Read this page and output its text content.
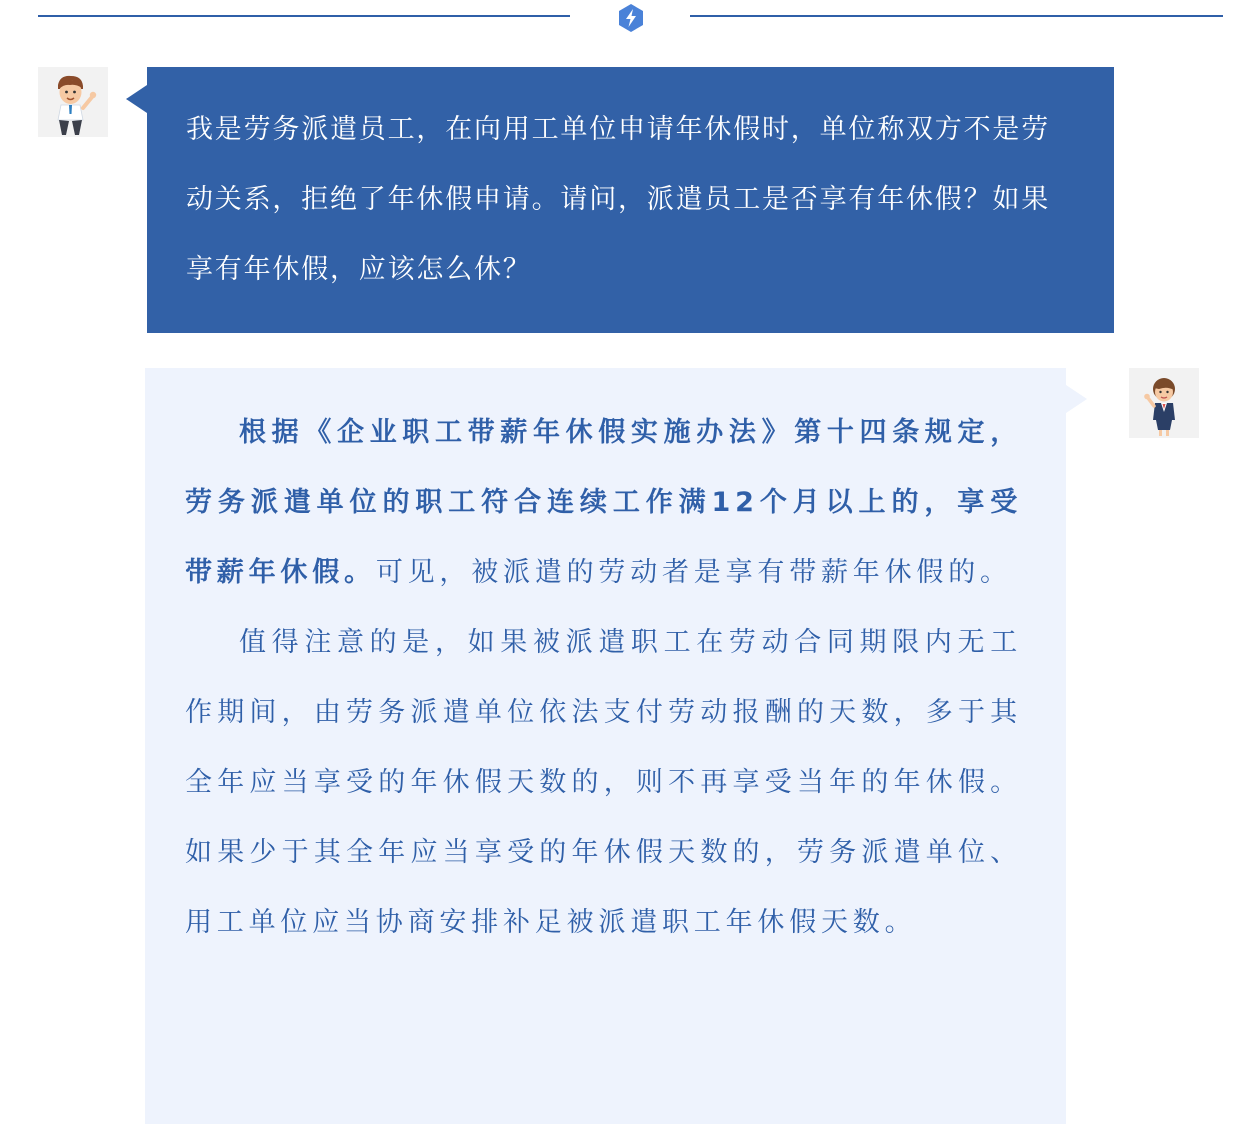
我是劳务派遣员工，在向用工单位申请年休假时，单位称双方不是劳动关系，拒绝了年休假申请。请问，派遣员工是否享有年休假？如果享有年休假，应该怎么休？

根据《企业职工带薪年休假实施办法》第十四条规定，劳务派遣单位的职工符合连续工作满12个月以上的，享受带薪年休假。可见，被派遣的劳动者是享有带薪年休假的。

值得注意的是，如果被派遣职工在劳动合同期限内无工作期间，由劳务派遣单位依法支付劳动报酬的天数，多于其全年应当享受的年休假天数的，则不再享受当年的年休假。如果少于其全年应当享受的年休假天数的，劳务派遣单位、用工单位应当协商安排补足被派遣职工年休假天数。
